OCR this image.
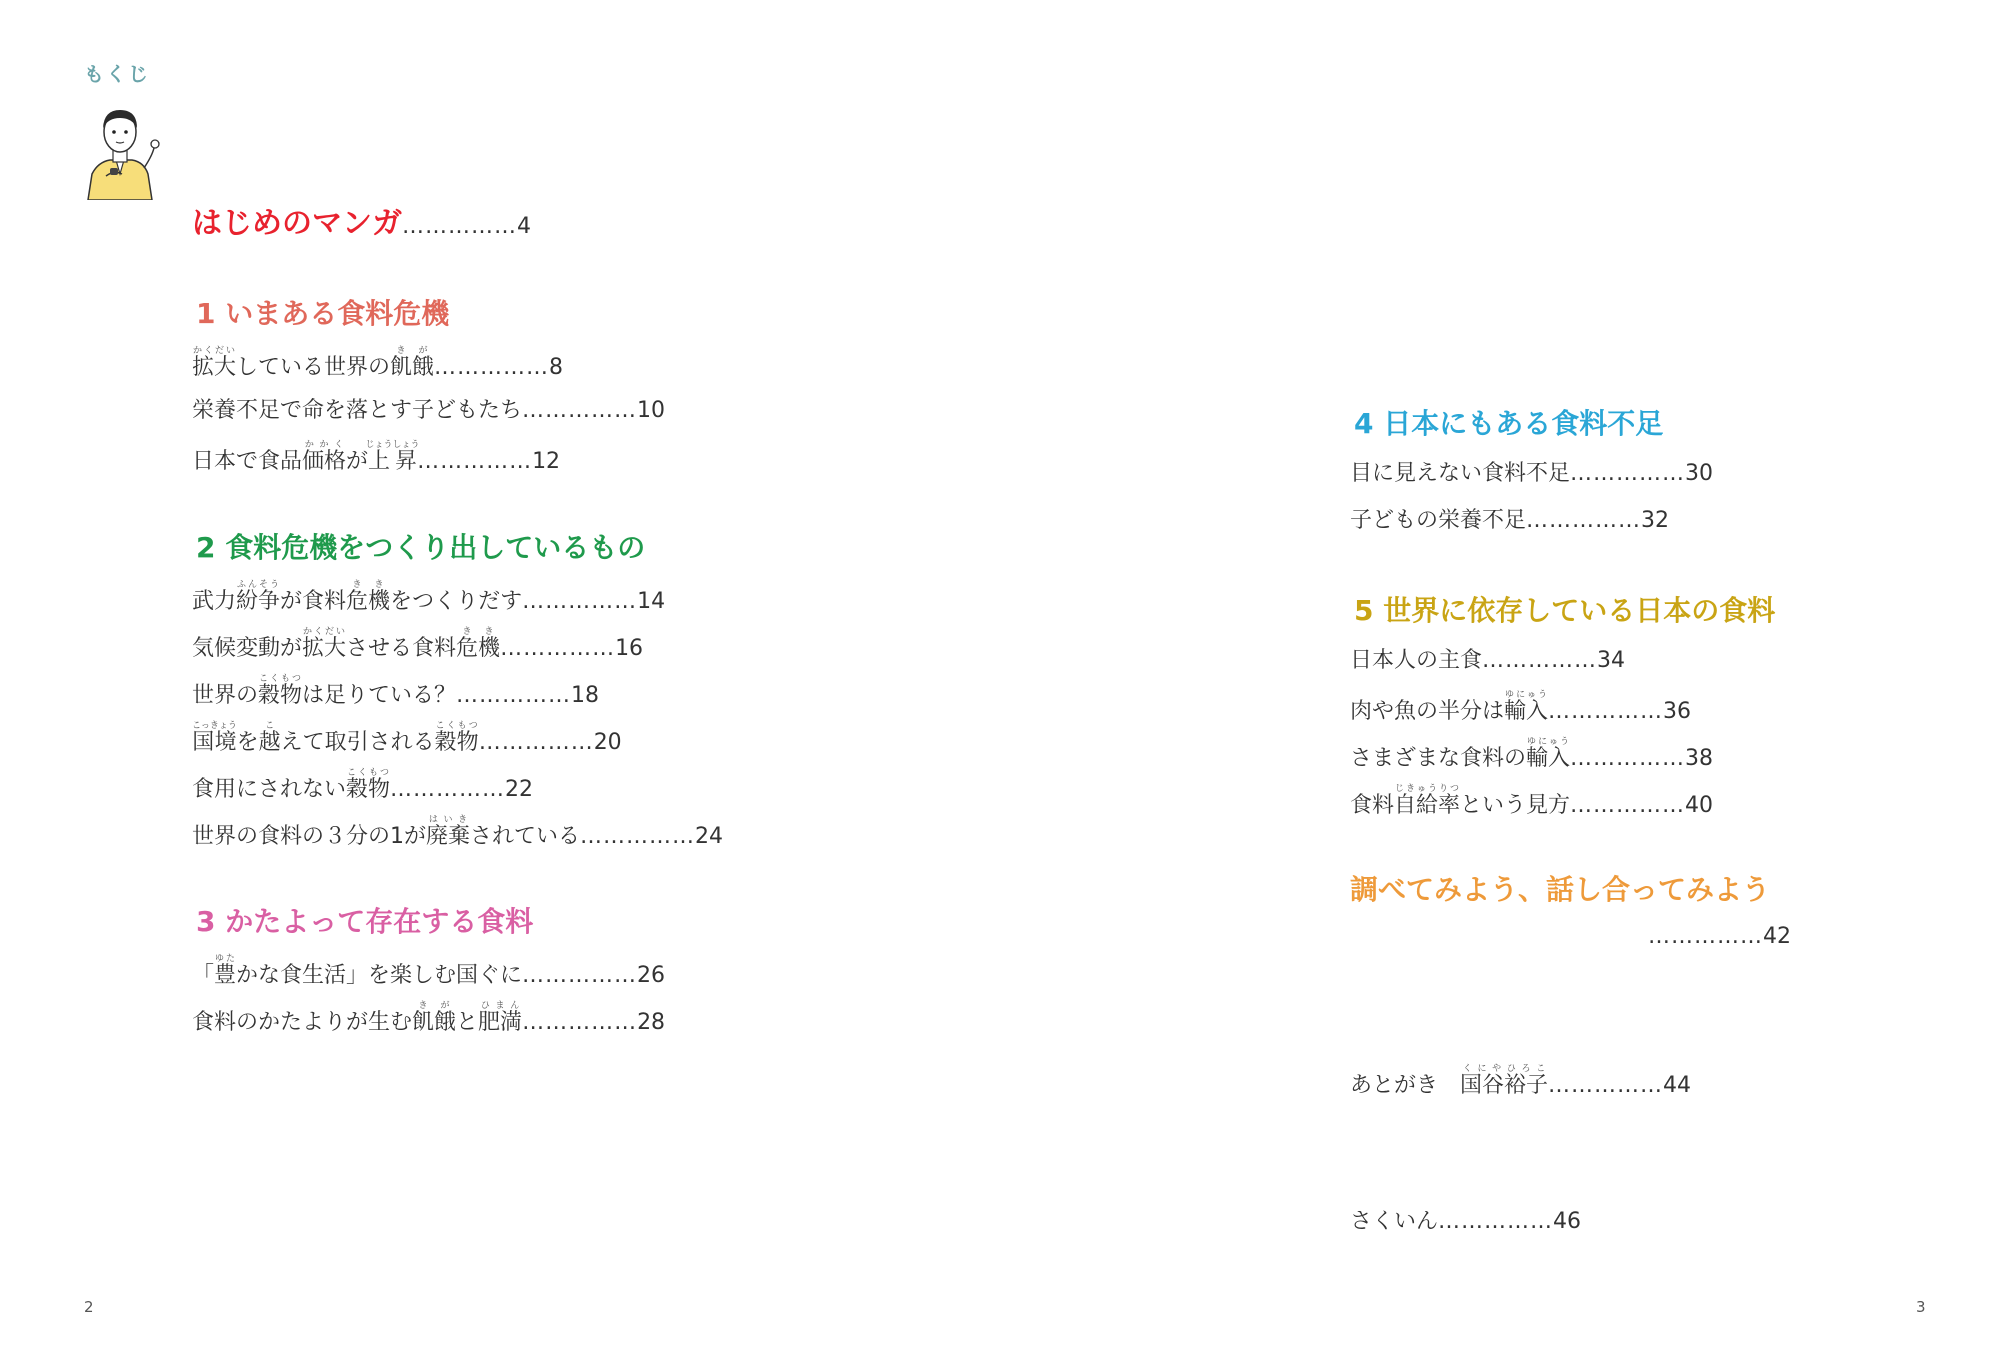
もくじ
はじめのマンガ……………4
1 いまある食料危機
拡大かくだいしている世界の飢餓きが……………8
栄養不足で命を落とす子どもたち……………10
日本で食品価格かかくが上昇じょうしょう……………12
2 食料危機をつくり出しているもの
武力紛争ふんそうが食料危機ききをつくりだす……………14
気候変動が拡大かくだいさせる食料危機きき……………16
世界の穀物こくもつは足りている？……………18
国境こっきょうを越こえて取引される穀物こくもつ……………20
食用にされない穀物こくもつ……………22
世界の食料の３分の1が廃棄はいきされている……………24
3 かたよって存在する食料
「豊ゆたかな食生活」を楽しむ国ぐに……………26
食料のかたよりが生む飢餓きがと肥満ひまん……………28
4 日本にもある食料不足
目に見えない食料不足……………30
子どもの栄養不足……………32
5 世界に依存している日本の食料
日本人の主食……………34
肉や魚の半分は輸入ゆにゅう……………36
さまざまな食料の輸入ゆにゅう……………38
食料自給率じきゅうりつという見方……………40
調べてみよう、話し合ってみよう
……………42
あとがき　国谷裕子くにやひろこ……………44
さくいん……………46
2	3
